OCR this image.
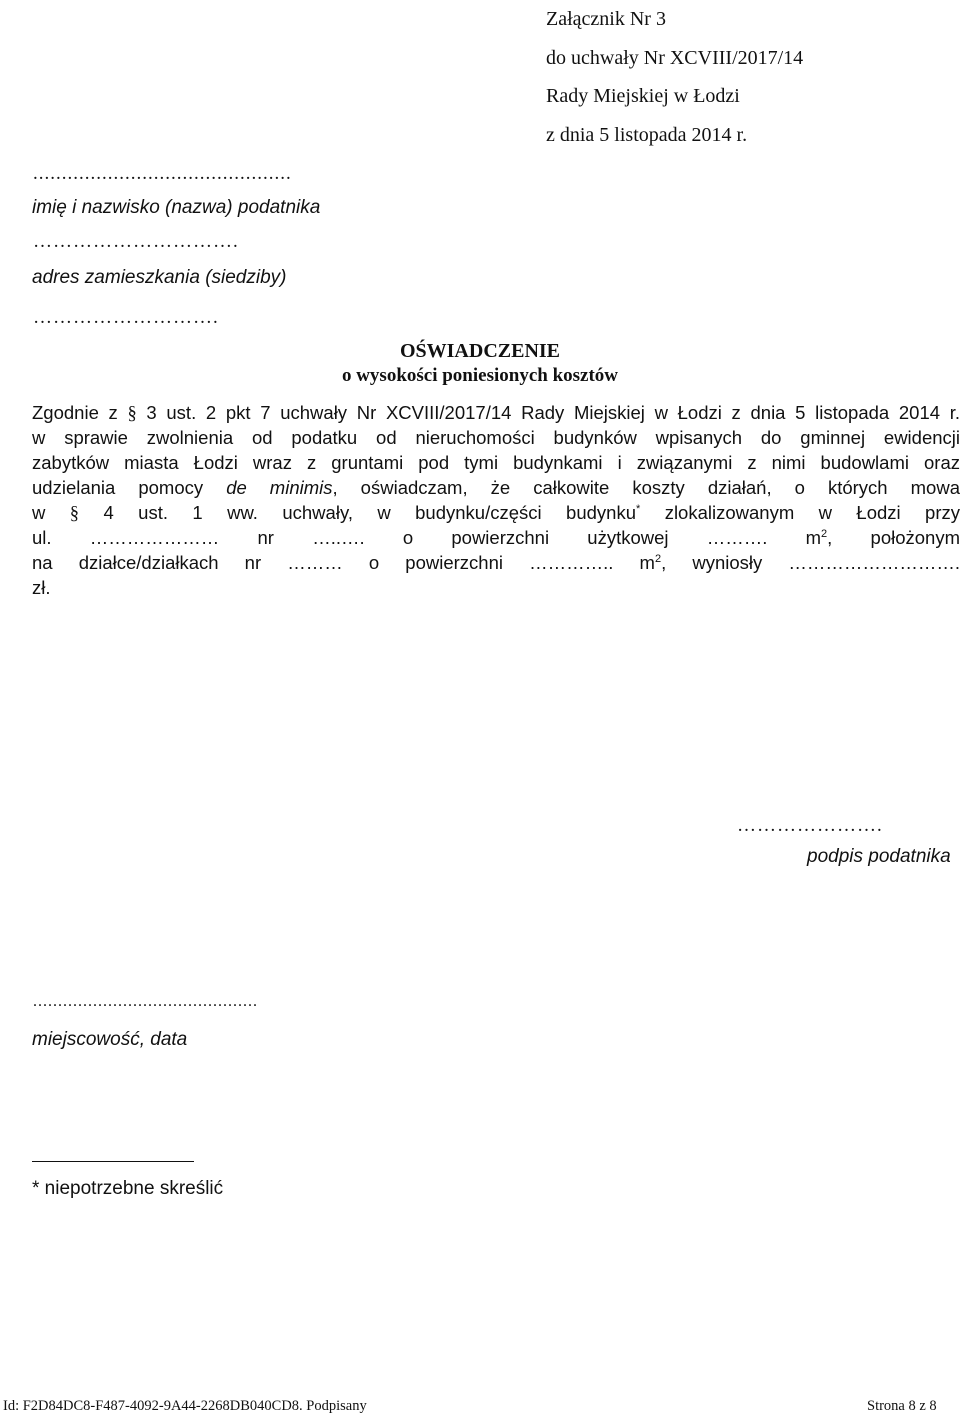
Załącznik Nr 3
do uchwały Nr XCVIII/2017/14
Rady Miejskiej w Łodzi
z dnia 5 listopada 2014 r.
.............................................
imię i nazwisko (nazwa) podatnika
………………………….
adres zamieszkania (siedziby)
……………………….
OŚWIADCZENIE
o wysokości poniesionych kosztów
Zgodnie z § 3 ust. 2 pkt 7 uchwały Nr XCVIII/2017/14 Rady Miejskiej w Łodzi z dnia 5 listopada 2014 r.
w sprawie zwolnienia od podatku od nieruchomości budynków wpisanych do gminnej ewidencji
zabytków miasta Łodzi wraz z gruntami pod tymi budynkami i związanymi z nimi budowlami oraz
udzielania pomocy de minimis, oświadczam, że całkowite koszty działań, o których mowa
w § 4 ust. 1 ww. uchwały, w budynku/części budynku* zlokalizowanym w Łodzi przy
ul. ………………… nr …..…. o powierzchni użytkowej ………. $m^2$, położonym
na działce/działkach nr ……… o powierzchni ………….. $m^2$, wyniosły ……………………….
zł.
………………….
podpis podatnika
.............................................
miejscowość, data
* niepotrzebne skreślić
Id: F2D84DC8-F487-4092-9A44-2268DB040CD8. Podpisany	Strona 8 z 8
